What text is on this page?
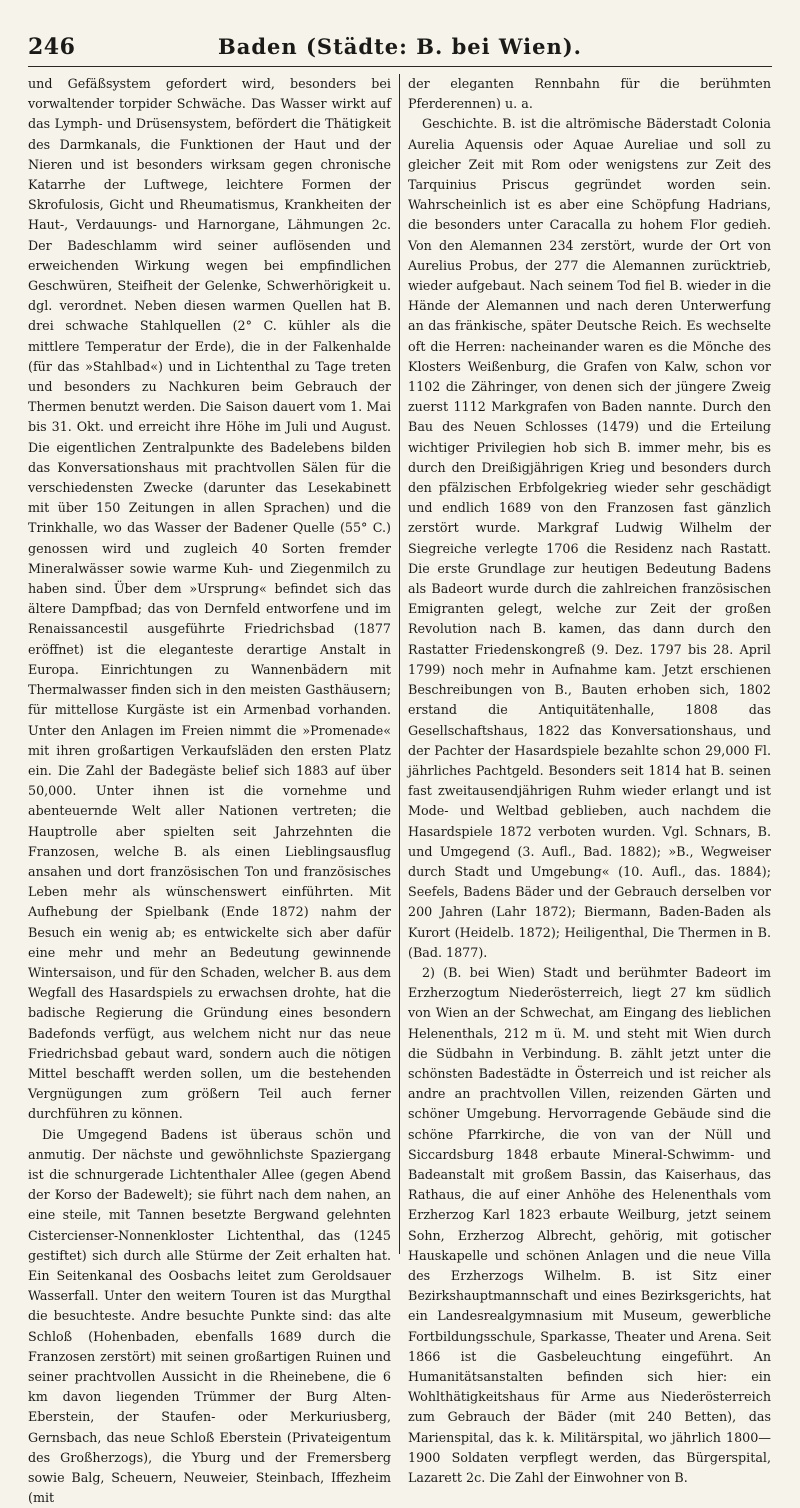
246	Baden (Städte: B. bei Wien).

und Gefäßsystem gefordert wird, besonders bei vorwaltender torpider Schwäche. Das Wasser wirkt auf das Lymph- und Drüsensystem, befördert die Thätigkeit des Darmkanals, die Funktionen der Haut und der Nieren und ist besonders wirksam gegen chronische Katarrhe der Luftwege, leichtere Formen der Skrofulosis, Gicht und Rheumatismus, Krankheiten der Haut-, Verdauungs- und Harnorgane, Lähmungen 2c. Der Badeschlamm wird seiner auflösenden und erweichenden Wirkung wegen bei empfindlichen Geschwüren, Steifheit der Gelenke, Schwerhörigkeit u. dgl. verordnet. Neben diesen warmen Quellen hat B. drei schwache Stahlquellen (2° C. kühler als die mittlere Temperatur der Erde), die in der Falkenhalde (für das »Stahlbad«) und in Lichtenthal zu Tage treten und besonders zu Nachkuren beim Gebrauch der Thermen benutzt werden. Die Saison dauert vom 1. Mai bis 31. Okt. und erreicht ihre Höhe im Juli und August. Die eigentlichen Zentralpunkte des Badelebens bilden das Konversationshaus mit prachtvollen Sälen für die verschiedensten Zwecke (darunter das Lesekabinett mit über 150 Zeitungen in allen Sprachen) und die Trinkhalle, wo das Wasser der Badener Quelle (55° C.) genossen wird und zugleich 40 Sorten fremder Mineralwässer sowie warme Kuh- und Ziegenmilch zu haben sind. Über dem »Ursprung« befindet sich das ältere Dampfbad; das von Dernfeld entworfene und im Renaissancestil ausgeführte Friedrichsbad (1877 eröffnet) ist die eleganteste derartige Anstalt in Europa. Einrichtungen zu Wannenbädern mit Thermalwasser finden sich in den meisten Gasthäusern; für mittellose Kurgäste ist ein Armenbad vorhanden. Unter den Anlagen im Freien nimmt die »Promenade« mit ihren großartigen Verkaufsläden den ersten Platz ein. Die Zahl der Badegäste belief sich 1883 auf über 50,000. Unter ihnen ist die vornehme und abenteuernde Welt aller Nationen vertreten; die Hauptrolle aber spielten seit Jahrzehnten die Franzosen, welche B. als einen Lieblingsausflug ansahen und dort französischen Ton und französisches Leben mehr als wünschenswert einführten. Mit Aufhebung der Spielbank (Ende 1872) nahm der Besuch ein wenig ab; es entwickelte sich aber dafür eine mehr und mehr an Bedeutung gewinnende Wintersaison, und für den Schaden, welcher B. aus dem Wegfall des Hasardspiels zu erwachsen drohte, hat die badische Regierung die Gründung eines besondern Badefonds verfügt, aus welchem nicht nur das neue Friedrichsbad gebaut ward, sondern auch die nötigen Mittel beschafft werden sollen, um die bestehenden Vergnügungen zum größern Teil auch ferner durchführen zu können.

Die Umgegend Badens ist überaus schön und anmutig. Der nächste und gewöhnlichste Spaziergang ist die schnurgerade Lichtenthaler Allee (gegen Abend der Korso der Badewelt); sie führt nach dem nahen, an eine steile, mit Tannen besetzte Bergwand gelehnten Cistercienser-Nonnenkloster Lichtenthal, das (1245 gestiftet) sich durch alle Stürme der Zeit erhalten hat. Ein Seitenkanal des Oosbachs leitet zum Geroldsauer Wasserfall. Unter den weitern Touren ist das Murgthal die besuchteste. Andre besuchte Punkte sind: das alte Schloß (Hohenbaden, ebenfalls 1689 durch die Franzosen zerstört) mit seinen großartigen Ruinen und seiner prachtvollen Aussicht in die Rheinebene, die 6 km davon liegenden Trümmer der Burg Alten-Eberstein, der Staufen- oder Merkuriusberg, Gernsbach, das neue Schloß Eberstein (Privateigentum des Großherzogs), die Yburg und der Fremersberg sowie Balg, Scheuern, Neuweier, Steinbach, Iffezheim (mit

der eleganten Rennbahn für die berühmten Pferderennen) u. a.

Geschichte. B. ist die altrömische Bäderstadt Colonia Aurelia Aquensis oder Aquae Aureliae und soll zu gleicher Zeit mit Rom oder wenigstens zur Zeit des Tarquinius Priscus gegründet worden sein. Wahrscheinlich ist es aber eine Schöpfung Hadrians, die besonders unter Caracalla zu hohem Flor gedieh. Von den Alemannen 234 zerstört, wurde der Ort von Aurelius Probus, der 277 die Alemannen zurücktrieb, wieder aufgebaut. Nach seinem Tod fiel B. wieder in die Hände der Alemannen und nach deren Unterwerfung an das fränkische, später Deutsche Reich. Es wechselte oft die Herren: nacheinander waren es die Mönche des Klosters Weißenburg, die Grafen von Kalw, schon vor 1102 die Zähringer, von denen sich der jüngere Zweig zuerst 1112 Markgrafen von Baden nannte. Durch den Bau des Neuen Schlosses (1479) und die Erteilung wichtiger Privilegien hob sich B. immer mehr, bis es durch den Dreißigjährigen Krieg und besonders durch den pfälzischen Erbfolgekrieg wieder sehr geschädigt und endlich 1689 von den Franzosen fast gänzlich zerstört wurde. Markgraf Ludwig Wilhelm der Siegreiche verlegte 1706 die Residenz nach Rastatt. Die erste Grundlage zur heutigen Bedeutung Badens als Badeort wurde durch die zahlreichen französischen Emigranten gelegt, welche zur Zeit der großen Revolution nach B. kamen, das dann durch den Rastatter Friedenskongreß (9. Dez. 1797 bis 28. April 1799) noch mehr in Aufnahme kam. Jetzt erschienen Beschreibungen von B., Bauten erhoben sich, 1802 erstand die Antiquitätenhalle, 1808 das Gesellschaftshaus, 1822 das Konversationshaus, und der Pachter der Hasardspiele bezahlte schon 29,000 Fl. jährliches Pachtgeld. Besonders seit 1814 hat B. seinen fast zweitausendjährigen Ruhm wieder erlangt und ist Mode- und Weltbad geblieben, auch nachdem die Hasardspiele 1872 verboten wurden. Vgl. Schnars, B. und Umgegend (3. Aufl., Bad. 1882); »B., Wegweiser durch Stadt und Umgebung« (10. Aufl., das. 1884); Seefels, Badens Bäder und der Gebrauch derselben vor 200 Jahren (Lahr 1872); Biermann, Baden-Baden als Kurort (Heidelb. 1872); Heiligenthal, Die Thermen in B. (Bad. 1877).

2) (B. bei Wien) Stadt und berühmter Badeort im Erzherzogtum Niederösterreich, liegt 27 km südlich von Wien an der Schwechat, am Eingang des lieblichen Helenenthals, 212 m ü. M. und steht mit Wien durch die Südbahn in Verbindung. B. zählt jetzt unter die schönsten Badestädte in Österreich und ist reicher als andre an prachtvollen Villen, reizenden Gärten und schöner Umgebung. Hervorragende Gebäude sind die schöne Pfarrkirche, die von van der Nüll und Siccardsburg 1848 erbaute Mineral-Schwimm- und Badeanstalt mit großem Bassin, das Kaiserhaus, das Rathaus, die auf einer Anhöhe des Helenenthals vom Erzherzog Karl 1823 erbaute Weilburg, jetzt seinem Sohn, Erzherzog Albrecht, gehörig, mit gotischer Hauskapelle und schönen Anlagen und die neue Villa des Erzherzogs Wilhelm. B. ist Sitz einer Bezirkshauptmannschaft und eines Bezirksgerichts, hat ein Landesrealgymnasium mit Museum, gewerbliche Fortbildungsschule, Sparkasse, Theater und Arena. Seit 1866 ist die Gasbeleuchtung eingeführt. An Humanitätsanstalten befinden sich hier: ein Wohlthätigkeitshaus für Arme aus Niederösterreich zum Gebrauch der Bäder (mit 240 Betten), das Marienspital, das k. k. Militärspital, wo jährlich 1800—1900 Soldaten verpflegt werden, das Bürgerspital, Lazarett 2c. Die Zahl der Einwohner von B.
